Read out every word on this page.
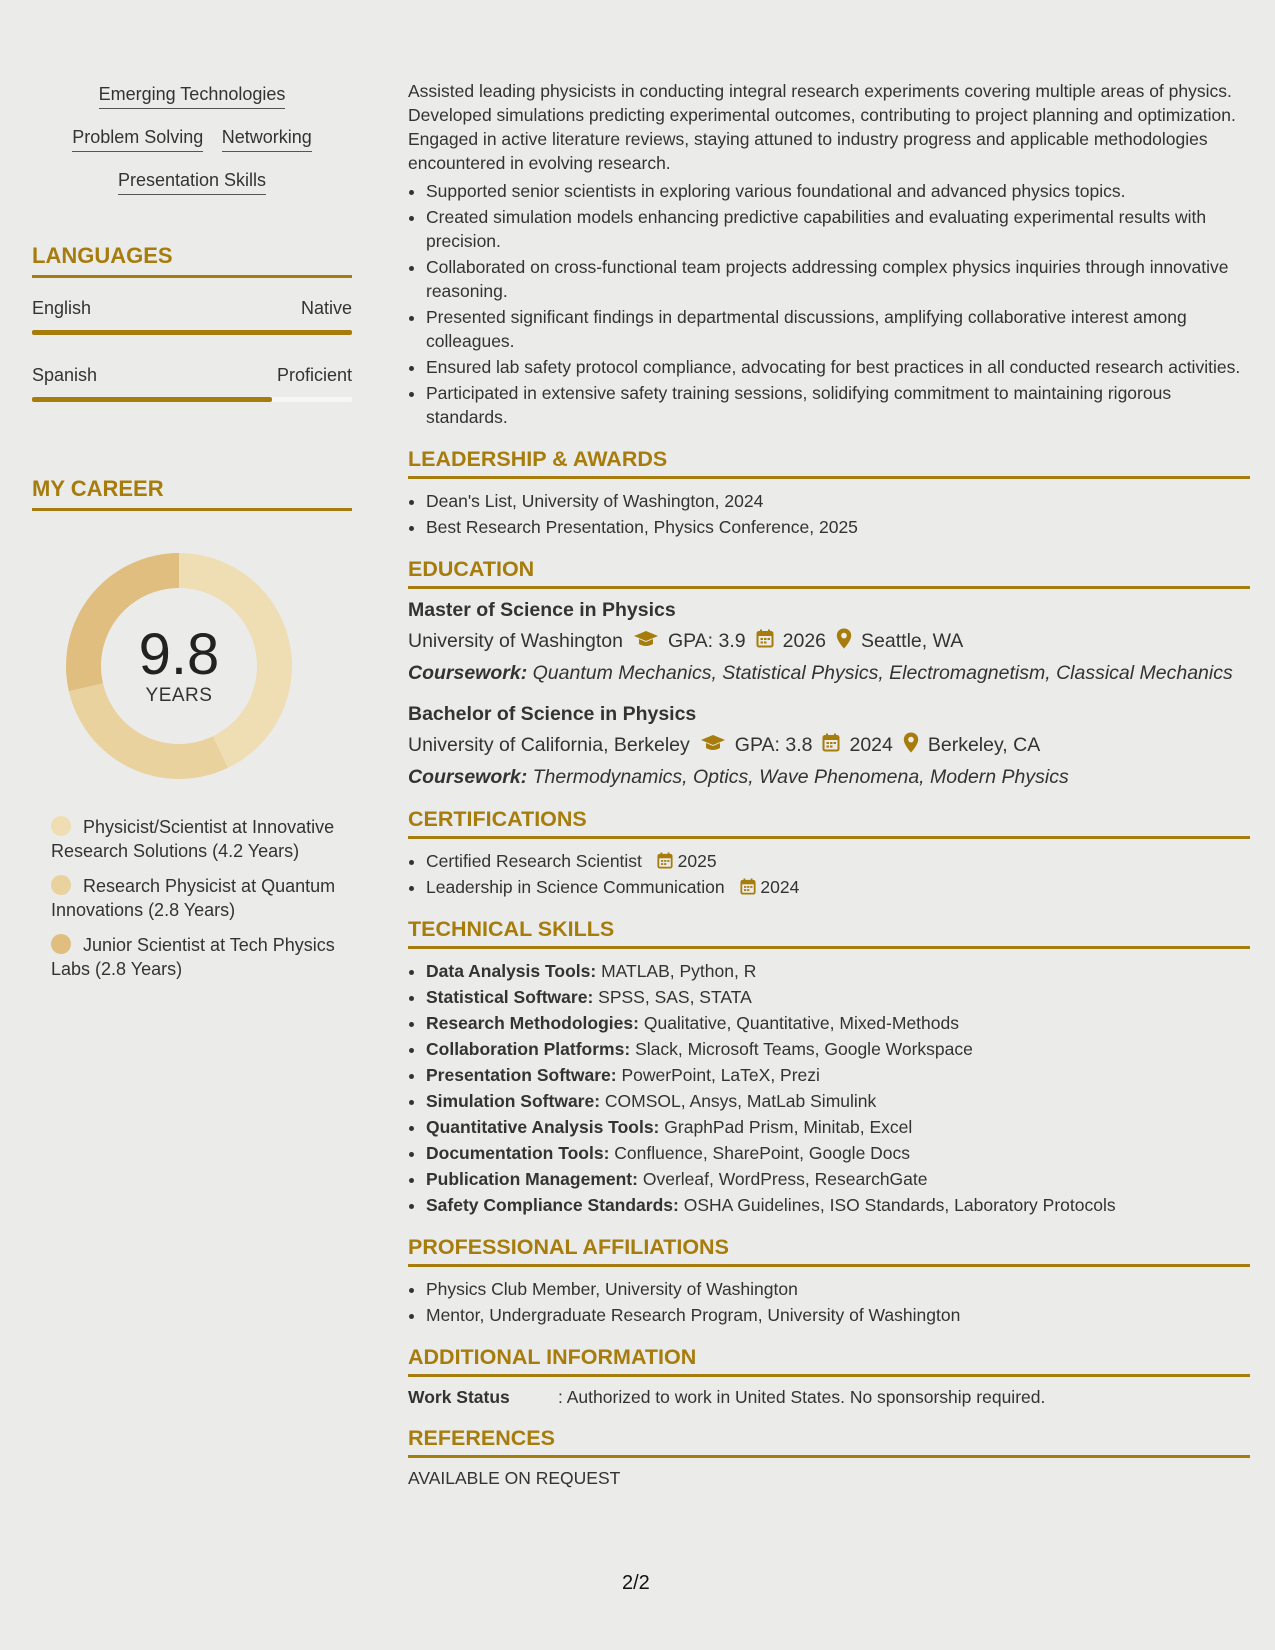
Emerging Technologies
Problem Solving Networking
Presentation Skills
LANGUAGES
English	Native
Spanish	Proficient
MY CAREER
9.8
YEARS
Physicist/Scientist at Innovative Research Solutions (4.2 Years)
Research Physicist at Quantum Innovations (2.8 Years)
Junior Scientist at Tech Physics Labs (2.8 Years)

Assisted leading physicists in conducting integral research experiments covering multiple areas of physics. Developed simulations predicting experimental outcomes, contributing to project planning and optimization. Engaged in active literature reviews, staying attuned to industry progress and applicable methodologies encountered in evolving research.

• Supported senior scientists in exploring various foundational and advanced physics topics.
• Created simulation models enhancing predictive capabilities and evaluating experimental results with precision.
• Collaborated on cross-functional team projects addressing complex physics inquiries through innovative reasoning.
• Presented significant findings in departmental discussions, amplifying collaborative interest among colleagues.
• Ensured lab safety protocol compliance, advocating for best practices in all conducted research activities.
• Participated in extensive safety training sessions, solidifying commitment to maintaining rigorous standards.
LEADERSHIP & AWARDS
• Dean's List, University of Washington, 2024
• Best Research Presentation, Physics Conference, 2025
EDUCATION
Master of Science in Physics
University of Washington GPA: 3.9 2026 Seattle, WA
Coursework: Quantum Mechanics, Statistical Physics, Electromagnetism, Classical Mechanics
Bachelor of Science in Physics
University of California, Berkeley GPA: 3.8 2024 Berkeley, CA
Coursework: Thermodynamics, Optics, Wave Phenomena, Modern Physics
CERTIFICATIONS
• Certified Research Scientist 2025
• Leadership in Science Communication 2024
TECHNICAL SKILLS
• Data Analysis Tools: MATLAB, Python, R
• Statistical Software: SPSS, SAS, STATA
• Research Methodologies: Qualitative, Quantitative, Mixed-Methods
• Collaboration Platforms: Slack, Microsoft Teams, Google Workspace
• Presentation Software: PowerPoint, LaTeX, Prezi
• Simulation Software: COMSOL, Ansys, MatLab Simulink
• Quantitative Analysis Tools: GraphPad Prism, Minitab, Excel
• Documentation Tools: Confluence, SharePoint, Google Docs
• Publication Management: Overleaf, WordPress, ResearchGate
• Safety Compliance Standards: OSHA Guidelines, ISO Standards, Laboratory Protocols
PROFESSIONAL AFFILIATIONS
• Physics Club Member, University of Washington
• Mentor, Undergraduate Research Program, University of Washington
ADDITIONAL INFORMATION
Work Status	: Authorized to work in United States. No sponsorship required.
REFERENCES
AVAILABLE ON REQUEST
2/2
